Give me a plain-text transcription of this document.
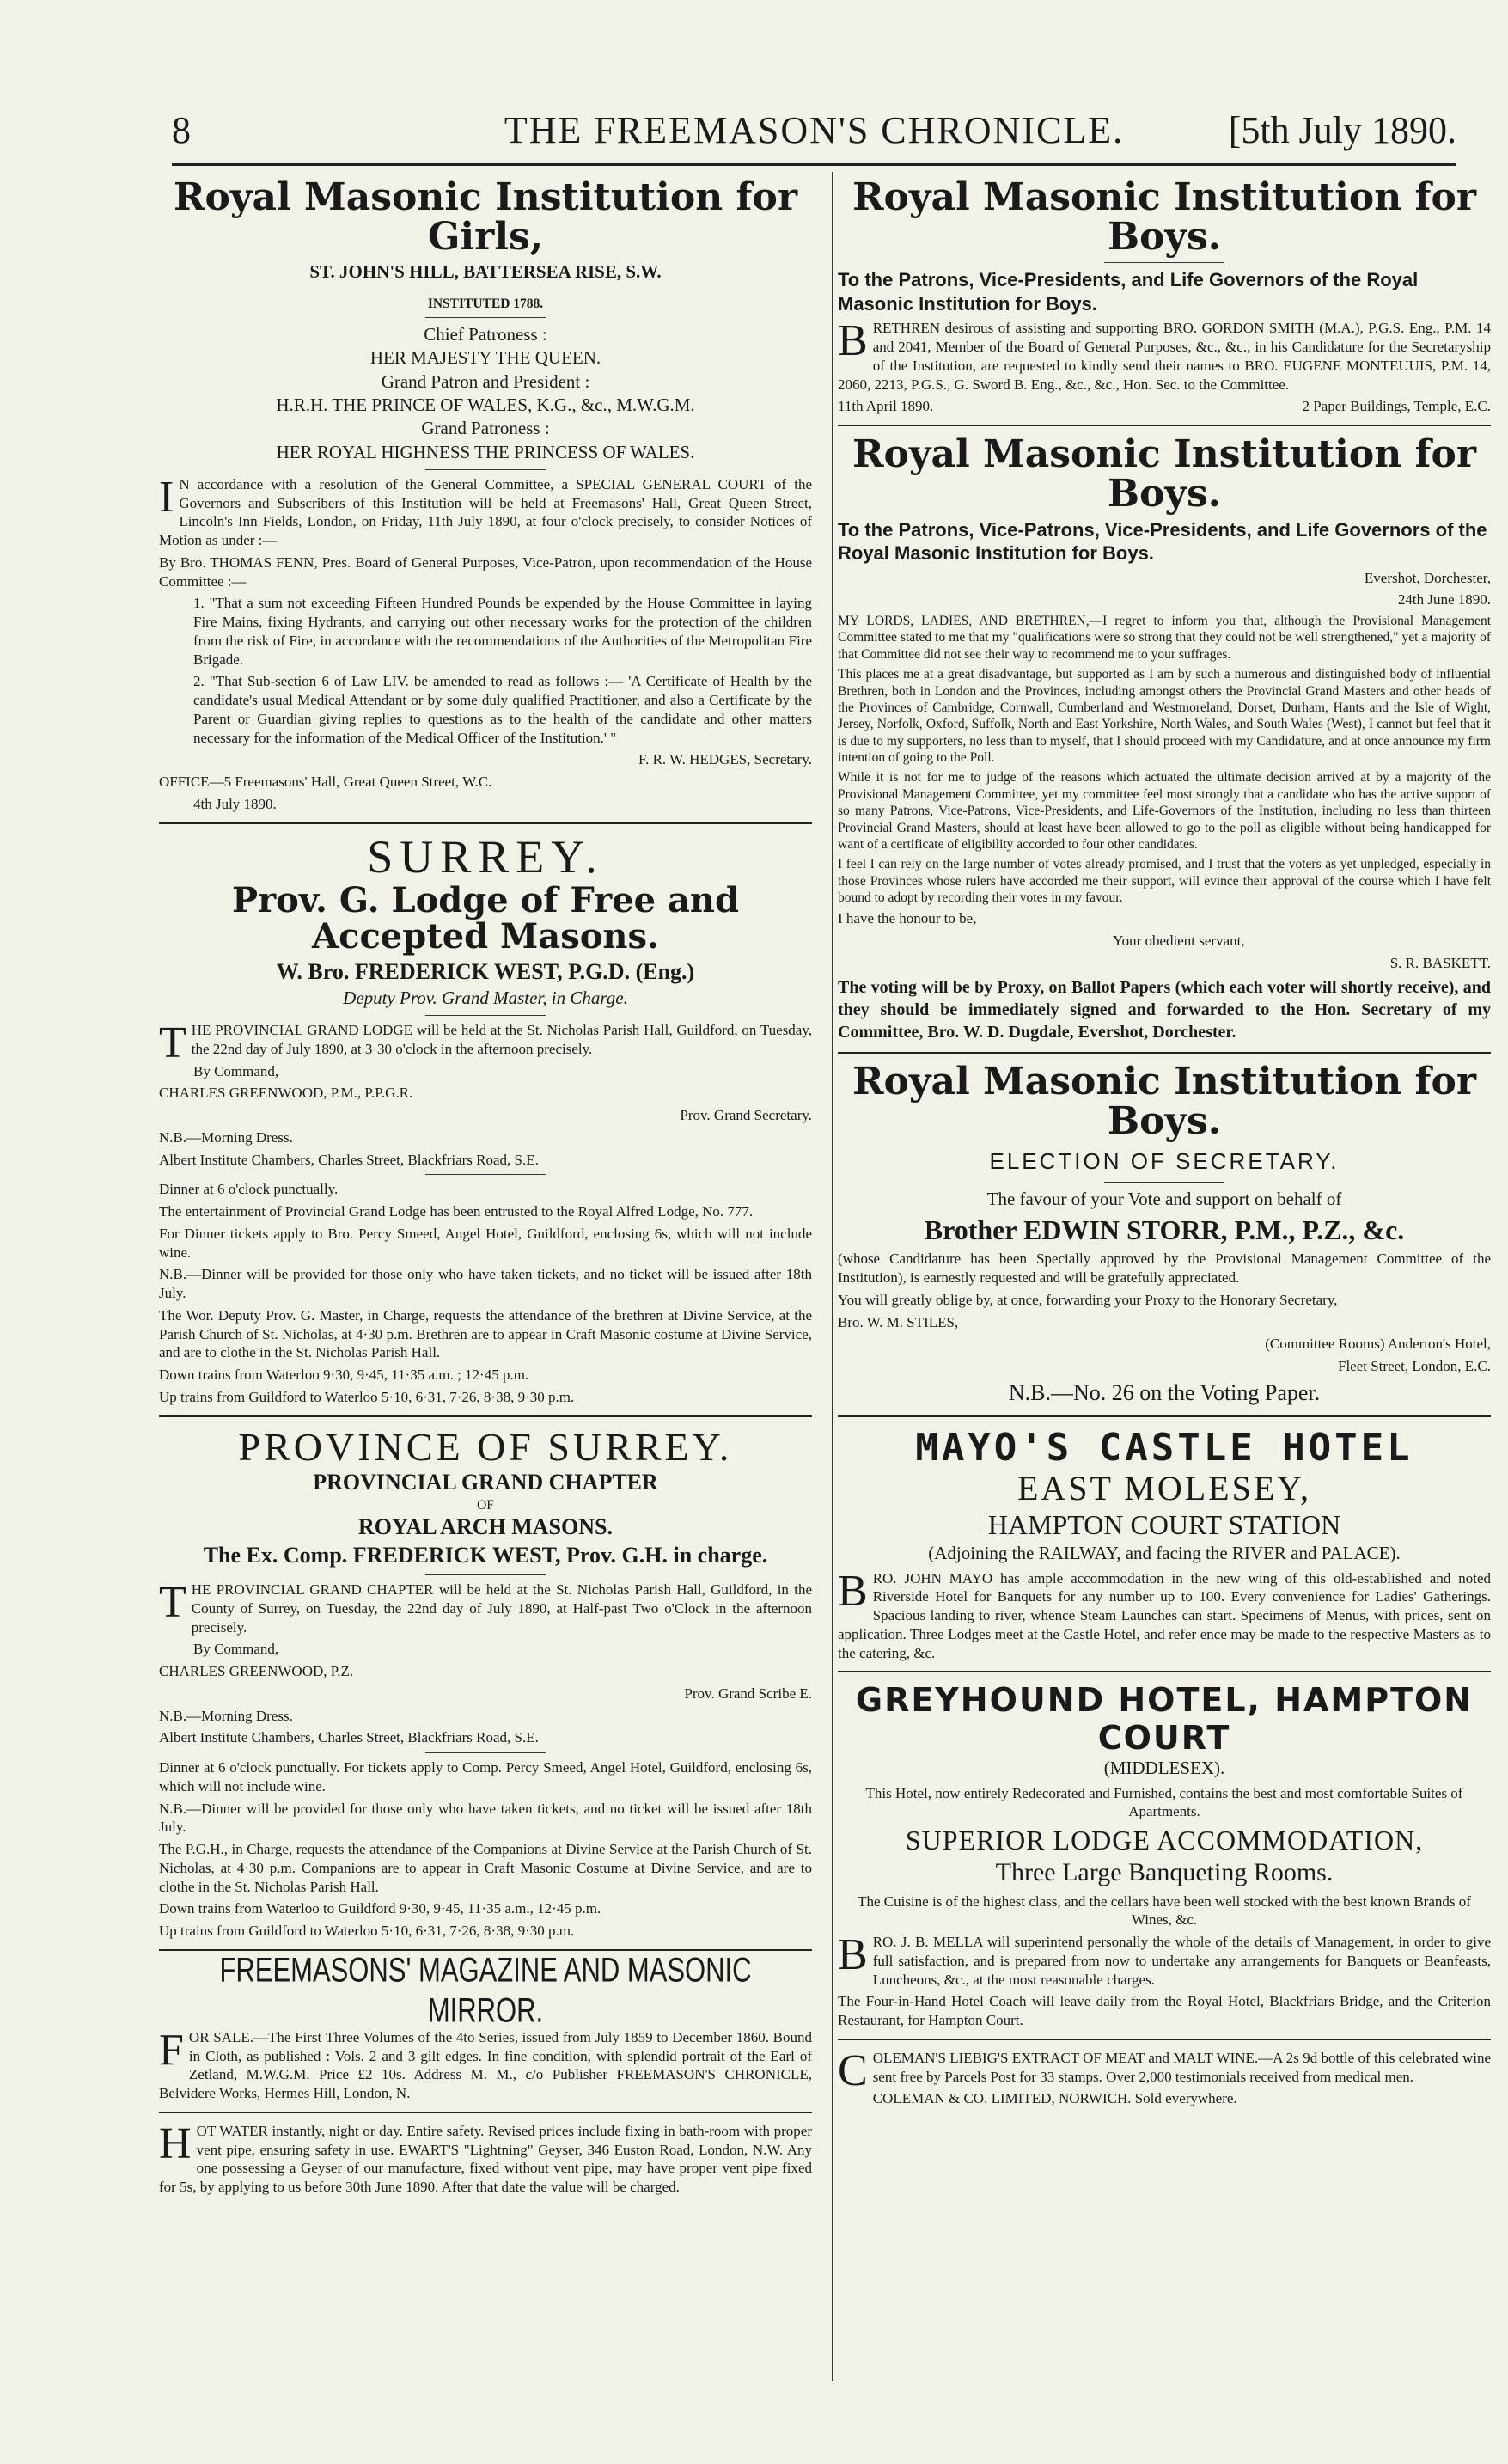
8	THE FREEMASON'S CHRONICLE.	[5th July 1890.
Royal Masonic Institution for Girls,
ST. JOHN'S HILL, BATTERSEA RISE, S.W.
INSTITUTED 1788.
Chief Patroness :
HER MAJESTY THE QUEEN.
Grand Patron and President :
H.R.H. THE PRINCE OF WALES, K.G., &c., M.W.G.M.
Grand Patroness :
HER ROYAL HIGHNESS THE PRINCESS OF WALES.

IN accordance with a resolution of the General Committee, a SPECIAL GENERAL COURT of the Governors and Subscribers of this Institution will be held at Freemasons' Hall, Great Queen Street, Lincoln's Inn Fields, London, on Friday, 11th July 1890, at four o'clock precisely, to consider Notices of Motion as under :—

By Bro. THOMAS FENN, Pres. Board of General Purposes, Vice-Patron, upon recommendation of the House Committee :—

1. "That a sum not exceeding Fifteen Hundred Pounds be expended by the House Committee in laying Fire Mains, fixing Hydrants, and carrying out other necessary works for the protection of the children from the risk of Fire, in accordance with the recommendations of the Authorities of the Metropolitan Fire Brigade.

2. "That Sub-section 6 of Law LIV. be amended to read as follows :— 'A Certificate of Health by the candidate's usual Medical Attendant or by some duly qualified Practitioner, and also a Certificate by the Parent or Guardian giving replies to questions as to the health of the candidate and other matters necessary for the information of the Medical Officer of the Institution.' "

F. R. W. HEDGES, Secretary.

OFFICE—5 Freemasons' Hall, Great Queen Street, W.C.

4th July 1890.

SURREY.
Prov. G. Lodge of Free and Accepted Masons.
W. Bro. FREDERICK WEST, P.G.D. (Eng.)
Deputy Prov. Grand Master, in Charge.

THE PROVINCIAL GRAND LODGE will be held at the St. Nicholas Parish Hall, Guildford, on Tuesday, the 22nd day of July 1890, at 3·30 o'clock in the afternoon precisely.

By Command,

CHARLES GREENWOOD, P.M., P.P.G.R.

Prov. Grand Secretary.

N.B.—Morning Dress.

Albert Institute Chambers, Charles Street, Blackfriars Road, S.E.

Dinner at 6 o'clock punctually.

The entertainment of Provincial Grand Lodge has been entrusted to the Royal Alfred Lodge, No. 777.

For Dinner tickets apply to Bro. Percy Smeed, Angel Hotel, Guildford, enclosing 6s, which will not include wine.

N.B.—Dinner will be provided for those only who have taken tickets, and no ticket will be issued after 18th July.

The Wor. Deputy Prov. G. Master, in Charge, requests the attendance of the brethren at Divine Service, at the Parish Church of St. Nicholas, at 4·30 p.m. Brethren are to appear in Craft Masonic costume at Divine Service, and are to clothe in the St. Nicholas Parish Hall.

Down trains from Waterloo 9·30, 9·45, 11·35 a.m. ; 12·45 p.m.

Up trains from Guildford to Waterloo 5·10, 6·31, 7·26, 8·38, 9·30 p.m.

PROVINCE OF SURREY.
PROVINCIAL GRAND CHAPTER
OF
ROYAL ARCH MASONS.
The Ex. Comp. FREDERICK WEST, Prov. G.H. in charge.

THE PROVINCIAL GRAND CHAPTER will be held at the St. Nicholas Parish Hall, Guildford, in the County of Surrey, on Tuesday, the 22nd day of July 1890, at Half-past Two o'Clock in the afternoon precisely.

By Command,

CHARLES GREENWOOD, P.Z.

Prov. Grand Scribe E.

N.B.—Morning Dress.

Albert Institute Chambers, Charles Street, Blackfriars Road, S.E.

Dinner at 6 o'clock punctually. For tickets apply to Comp. Percy Smeed, Angel Hotel, Guildford, enclosing 6s, which will not include wine.

N.B.—Dinner will be provided for those only who have taken tickets, and no ticket will be issued after 18th July.

The P.G.H., in Charge, requests the attendance of the Companions at Divine Service at the Parish Church of St. Nicholas, at 4·30 p.m. Companions are to appear in Craft Masonic Costume at Divine Service, and are to clothe in the St. Nicholas Parish Hall.

Down trains from Waterloo to Guildford 9·30, 9·45, 11·35 a.m., 12·45 p.m.

Up trains from Guildford to Waterloo 5·10, 6·31, 7·26, 8·38, 9·30 p.m.

FREEMASONS' MAGAZINE AND MASONIC MIRROR.

FOR SALE.—The First Three Volumes of the 4to Series, issued from July 1859 to December 1860. Bound in Cloth, as published : Vols. 2 and 3 gilt edges. In fine condition, with splendid portrait of the Earl of Zetland, M.W.G.M. Price £2 10s. Address M. M., c/o Publisher FREEMASON'S CHRONICLE, Belvidere Works, Hermes Hill, London, N.

HOT WATER instantly, night or day. Entire safety. Revised prices include fixing in bath-room with proper vent pipe, ensuring safety in use. EWART'S "Lightning" Geyser, 346 Euston Road, London, N.W. Any one possessing a Geyser of our manufacture, fixed without vent pipe, may have proper vent pipe fixed for 5s, by applying to us before 30th June 1890. After that date the value will be charged.

Royal Masonic Institution for Boys.

To the Patrons, Vice-Presidents, and Life Governors of the Royal Masonic Institution for Boys.

BRETHREN desirous of assisting and supporting BRO. GORDON SMITH (M.A.), P.G.S. Eng., P.M. 14 and 2041, Member of the Board of General Purposes, &c., &c., in his Candidature for the Secretaryship of the Institution, are requested to kindly send their names to BRO. EUGENE MONTEUUIS, P.M. 14, 2060, 2213, P.G.S., G. Sword B. Eng., &c., &c., Hon. Sec. to the Committee.

11th April 1890.	2 Paper Buildings, Temple, E.C.

Royal Masonic Institution for Boys.

To the Patrons, Vice-Patrons, Vice-Presidents, and Life Governors of the Royal Masonic Institution for Boys.

Evershot, Dorchester,

24th June 1890.

MY LORDS, LADIES, AND BRETHREN,—I regret to inform you that, although the Provisional Management Committee stated to me that my "qualifications were so strong that they could not be well strengthened," yet a majority of that Committee did not see their way to recommend me to your suffrages.

This places me at a great disadvantage, but supported as I am by such a numerous and distinguished body of influential Brethren, both in London and the Provinces, including amongst others the Provincial Grand Masters and other heads of the Provinces of Cambridge, Cornwall, Cumberland and Westmoreland, Dorset, Durham, Hants and the Isle of Wight, Jersey, Norfolk, Oxford, Suffolk, North and East Yorkshire, North Wales, and South Wales (West), I cannot but feel that it is due to my supporters, no less than to myself, that I should proceed with my Candidature, and at once announce my firm intention of going to the Poll.

While it is not for me to judge of the reasons which actuated the ultimate decision arrived at by a majority of the Provisional Management Committee, yet my committee feel most strongly that a candidate who has the active support of so many Patrons, Vice-Patrons, Vice-Presidents, and Life-Governors of the Institution, including no less than thirteen Provincial Grand Masters, should at least have been allowed to go to the poll as eligible without being handicapped for want of a certificate of eligibility accorded to four other candidates.

I feel I can rely on the large number of votes already promised, and I trust that the voters as yet unpledged, especially in those Provinces whose rulers have accorded me their support, will evince their approval of the course which I have felt bound to adopt by recording their votes in my favour.

I have the honour to be,

Your obedient servant,

S. R. BASKETT.

The voting will be by Proxy, on Ballot Papers (which each voter will shortly receive), and they should be immediately signed and forwarded to the Hon. Secretary of my Committee, Bro. W. D. Dugdale, Evershot, Dorchester.

Royal Masonic Institution for Boys.
ELECTION OF SECRETARY.

The favour of your Vote and support on behalf of

Brother EDWIN STORR, P.M., P.Z., &c.

(whose Candidature has been Specially approved by the Provisional Management Committee of the Institution), is earnestly requested and will be gratefully appreciated.

You will greatly oblige by, at once, forwarding your Proxy to the Honorary Secretary,

Bro. W. M. STILES,

(Committee Rooms) Anderton's Hotel,

Fleet Street, London, E.C.

N.B.—No. 26 on the Voting Paper.

MAYO'S CASTLE HOTEL
EAST MOLESEY,
HAMPTON COURT STATION
(Adjoining the RAILWAY, and facing the RIVER and PALACE).

BRO. JOHN MAYO has ample accommodation in the new wing of this old-established and noted Riverside Hotel for Banquets for any number up to 100. Every convenience for Ladies' Gatherings. Spacious landing to river, whence Steam Launches can start. Specimens of Menus, with prices, sent on application. Three Lodges meet at the Castle Hotel, and refer ence may be made to the respective Masters as to the catering, &c.

GREYHOUND HOTEL, HAMPTON COURT
(MIDDLESEX).

This Hotel, now entirely Redecorated and Furnished, contains the best and most comfortable Suites of Apartments.

SUPERIOR LODGE ACCOMMODATION,
Three Large Banqueting Rooms.

The Cuisine is of the highest class, and the cellars have been well stocked with the best known Brands of Wines, &c.

BRO. J. B. MELLA will superintend personally the whole of the details of Management, in order to give full satisfaction, and is prepared from now to undertake any arrangements for Banquets or Beanfeasts, Luncheons, &c., at the most reasonable charges.

The Four-in-Hand Hotel Coach will leave daily from the Royal Hotel, Blackfriars Bridge, and the Criterion Restaurant, for Hampton Court.

COLEMAN'S LIEBIG'S EXTRACT OF MEAT and MALT WINE.—A 2s 9d bottle of this celebrated wine sent free by Parcels Post for 33 stamps. Over 2,000 testimonials received from medical men.

COLEMAN & CO. LIMITED, NORWICH. Sold everywhere.
